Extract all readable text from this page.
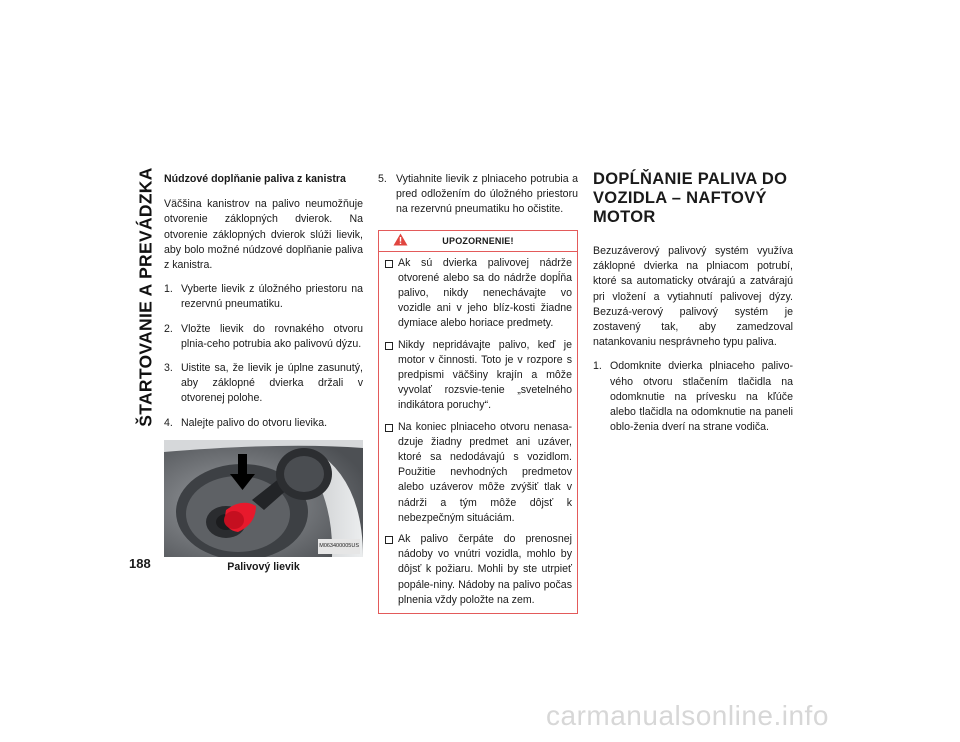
ŠTARTOVANIE A PREVÁDZKA Núdzové doplňanie paliva z kanistra

Väčšina kanistrov na palivo neumožňuje otvorenie záklopných dvierok. Na otvorenie záklopných dvierok slúži lievik, aby bolo možné núdzové doplňanie paliva z kanistra.

1. Vyberte lievik z úložného priestoru na rezervnú pneumatiku.
2. Vložte lievik do rovnakého otvoru plnia-ceho potrubia ako palivovú dýzu.
3. Uistite sa, že lievik je úplne zasunutý, aby záklopné dvierka držali v otvorenej polohe.
4. Nalejte palivo do otvoru lievika.
M063400005US
Palivový lievik
5. Vytiahnite lievik z plniaceho potrubia a pred odložením do úložného priestoru na rezervnú pneumatiku ho očistite.
UPOZORNENIE!
Ak sú dvierka palivovej nádrže otvorené alebo sa do nádrže dopĺňa palivo, nikdy nenechávajte vo vozidle ani v jeho blíz-kosti žiadne dymiace alebo horiace predmety.
Nikdy nepridávajte palivo, keď je motor v činnosti. Toto je v rozpore s predpismi väčšiny krajín a môže vyvolať rozsvie-tenie „svetelného indikátora poruchy“.
Na koniec plniaceho otvoru nenasa-dzuje žiadny predmet ani uzáver, ktoré sa nedodávajú s vozidlom. Použitie nevhodných predmetov alebo uzáverov môže zvýšiť tlak v nádrži a tým môže dôjsť k nebezpečným situáciám.
Ak palivo čerpáte do prenosnej nádoby vo vnútri vozidla, mohlo by dôjsť k požiaru. Mohli by ste utrpieť popále-niny. Nádoby na palivo počas plnenia vždy položte na zem.
DOPĹŇANIE PALIVA DO
VOZIDLA – NAFTOVÝ
MOTOR

Bezuzáverový palivový systém využíva záklopné dvierka na plniacom potrubí, ktoré sa automaticky otvárajú a zatvárajú pri vložení a vytiahnutí palivovej dýzy. Bezuzá-verový palivový systém je zostavený tak, aby zamedzoval natankovaniu nesprávneho typu paliva.

1. Odomknite dvierka plniaceho palivo-vého otvoru stlačením tlačidla na odomknutie na prívesku na kľúče alebo tlačidla na odomknutie na paneli oblo-ženia dverí na strane vodiča.
188
carmanualsonline.info
